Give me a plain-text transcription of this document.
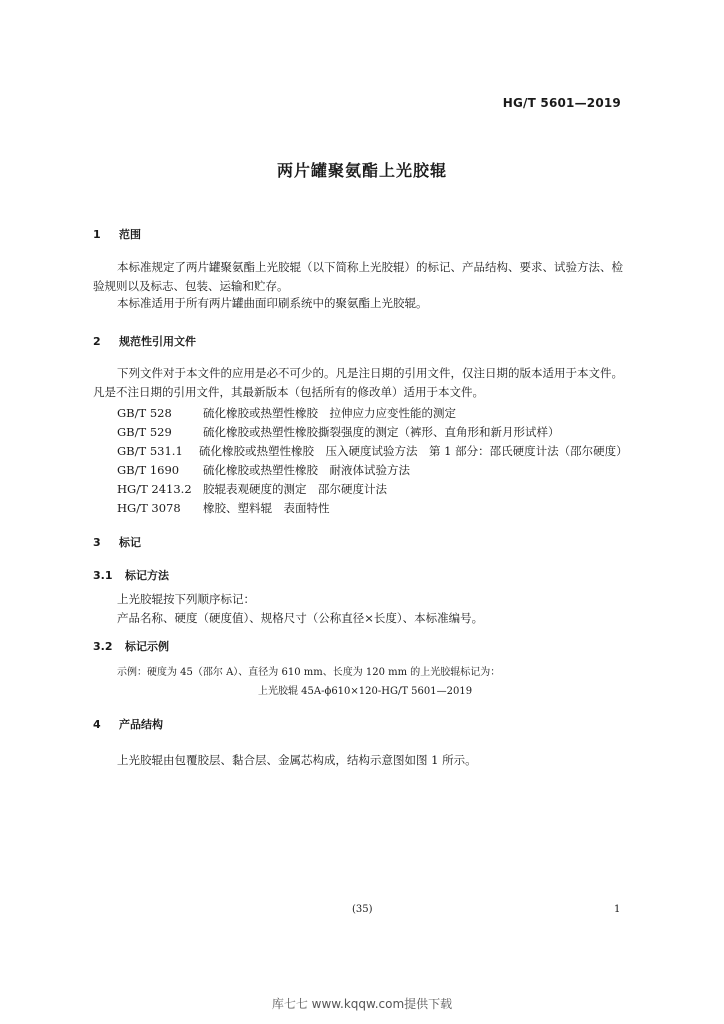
HG/T 5601—2019
两片罐聚氨酯上光胶辊
1 范围
本标准规定了两片罐聚氨酯上光胶辊（以下简称上光胶辊）的标记、产品结构、要求、试验方法、检验规则以及标志、包装、运输和贮存。
本标准适用于所有两片罐曲面印刷系统中的聚氨酯上光胶辊。
2 规范性引用文件
下列文件对于本文件的应用是必不可少的。凡是注日期的引用文件，仅注日期的版本适用于本文件。凡是不注日期的引用文件，其最新版本（包括所有的修改单）适用于本文件。
GB/T 528	硫化橡胶或热塑性橡胶　拉伸应力应变性能的测定
GB/T 529	硫化橡胶或热塑性橡胶撕裂强度的测定（裤形、直角形和新月形试样）
GB/T 531.1 硫化橡胶或热塑性橡胶　压入硬度试验方法　第 1 部分：邵氏硬度计法（邵尔硬度）
GB/T 1690 硫化橡胶或热塑性橡胶　耐液体试验方法
HG/T 2413.2 胶辊表观硬度的测定　邵尔硬度计法
HG/T 3078 橡胶、塑料辊　表面特性
3 标记
3.1 标记方法
上光胶辊按下列顺序标记：
产品名称、硬度（硬度值）、规格尺寸（公称直径×长度）、本标准编号。
3.2 标记示例
示例：硬度为 45（邵尔 A）、直径为 610 mm、长度为 120 mm 的上光胶辊标记为：
上光胶辊 45A-ϕ610×120-HG/T 5601—2019
4 产品结构
上光胶辊由包覆胶层、黏合层、金属芯构成，结构示意图如图 1 所示。
(35)	1
库七七 www.kqqw.com提供下载
